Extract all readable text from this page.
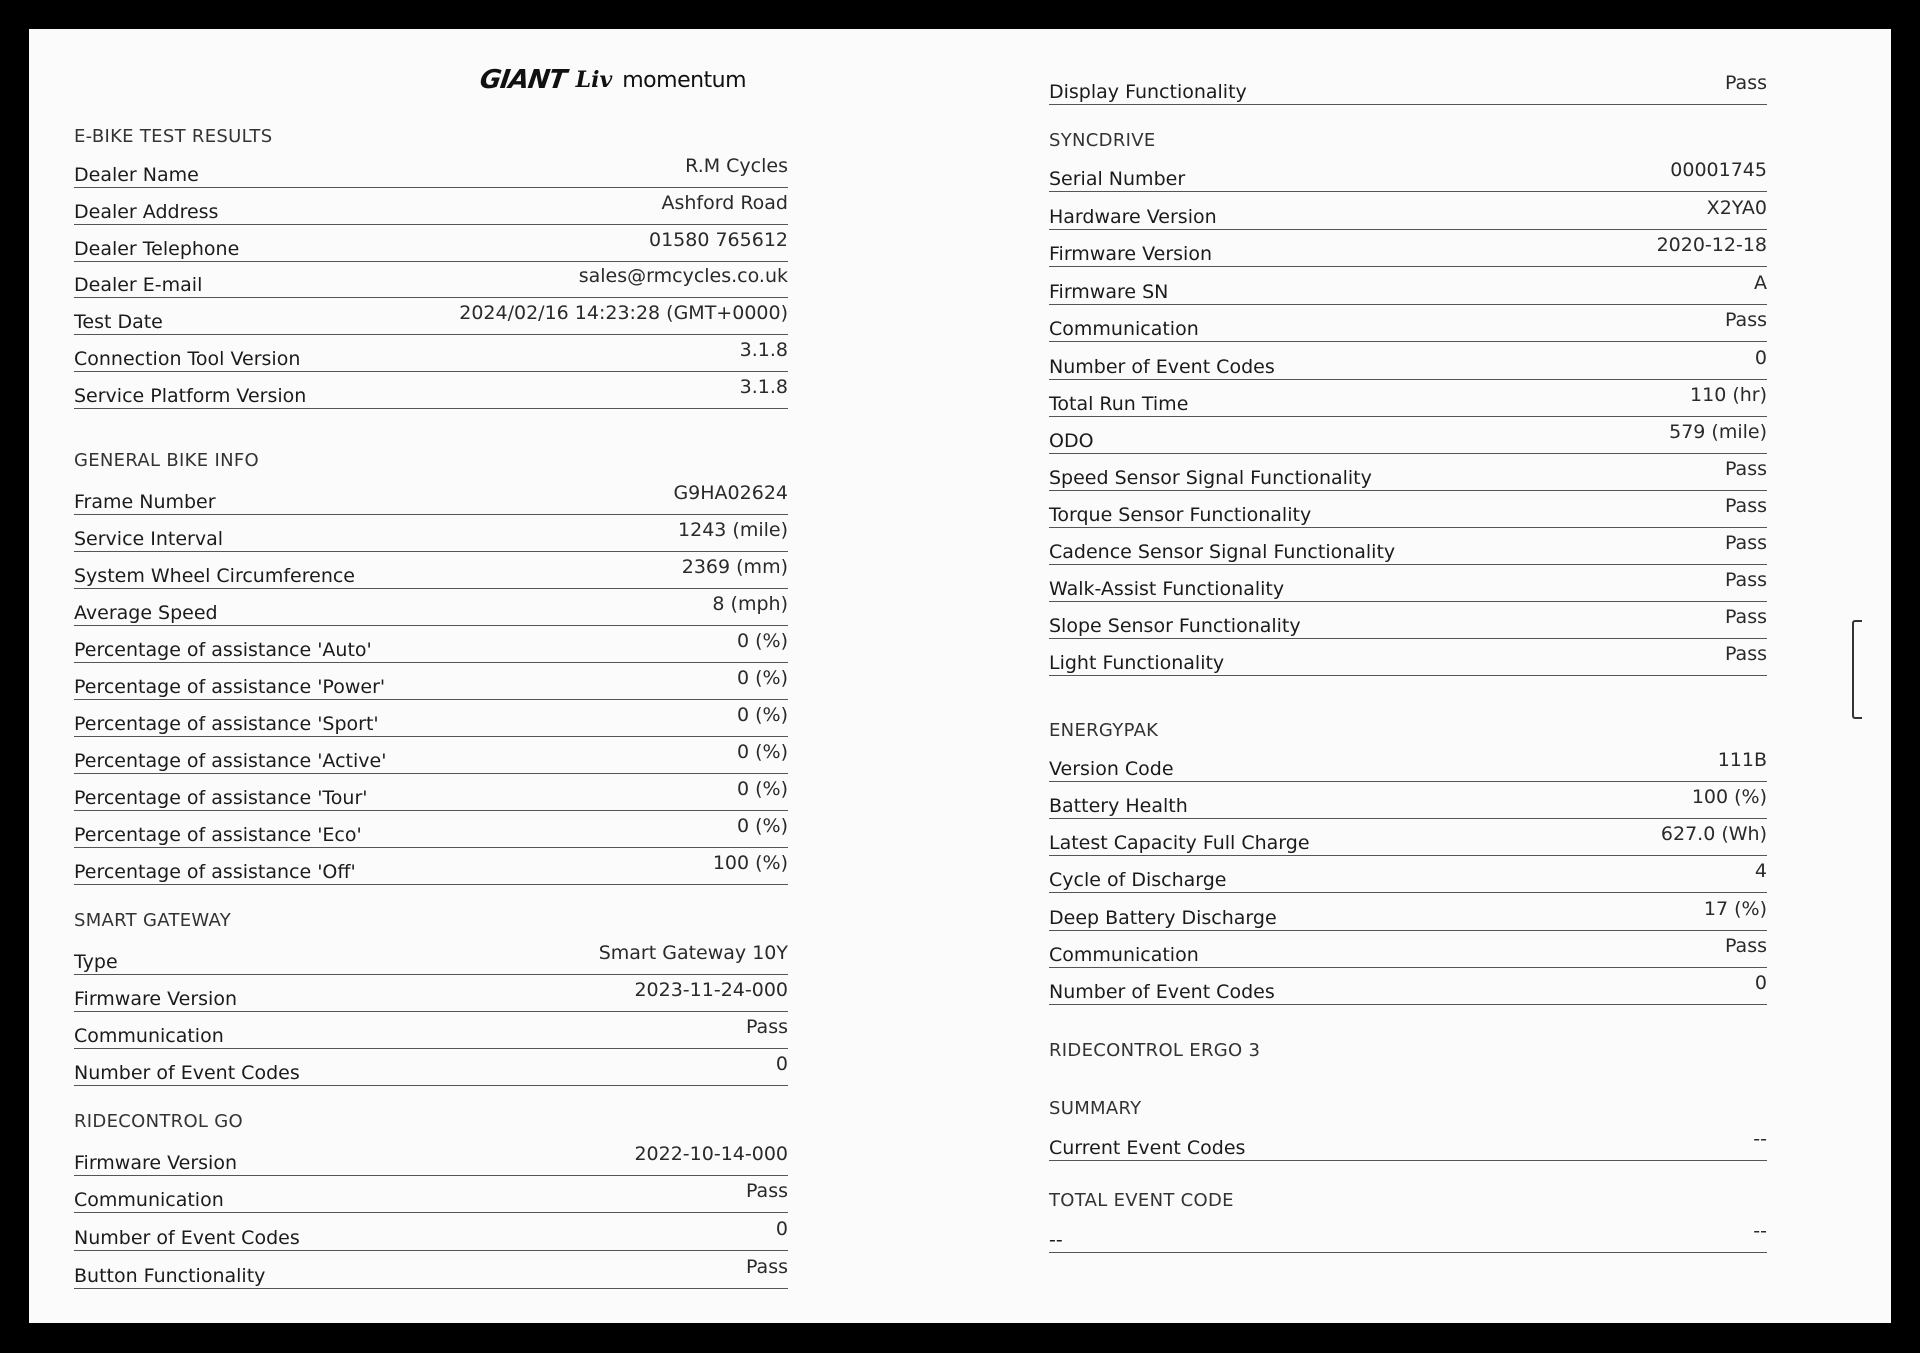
GIANT Liv momentum
E-BIKE TEST RESULTS
Dealer Name	R.M Cycles
Dealer Address	Ashford Road
Dealer Telephone	01580 765612
Dealer E-mail	sales@rmcycles.co.uk
Test Date	2024/02/16 14:23:28 (GMT+0000)
Connection Tool Version	3.1.8
Service Platform Version	3.1.8
GENERAL BIKE INFO
Frame Number	G9HA02624
Service Interval	1243 (mile)
System Wheel Circumference	2369 (mm)
Average Speed	8 (mph)
Percentage of assistance 'Auto'	0 (%)
Percentage of assistance 'Power'	0 (%)
Percentage of assistance 'Sport'	0 (%)
Percentage of assistance 'Active'	0 (%)
Percentage of assistance 'Tour'	0 (%)
Percentage of assistance 'Eco'	0 (%)
Percentage of assistance 'Off'	100 (%)
SMART GATEWAY
Type	Smart Gateway 10Y
Firmware Version	2023-11-24-000
Communication	Pass
Number of Event Codes	0
RIDECONTROL GO
Firmware Version	2022-10-14-000
Communication	Pass
Number of Event Codes	0
Button Functionality	Pass
Display Functionality	Pass
SYNCDRIVE
Serial Number	00001745
Hardware Version	X2YA0
Firmware Version	2020-12-18
Firmware SN	A
Communication	Pass
Number of Event Codes	0
Total Run Time	110 (hr)
ODO	579 (mile)
Speed Sensor Signal Functionality	Pass
Torque Sensor Functionality	Pass
Cadence Sensor Signal Functionality	Pass
Walk-Assist Functionality	Pass
Slope Sensor Functionality	Pass
Light Functionality	Pass
ENERGYPAK
Version Code	111B
Battery Health	100 (%)
Latest Capacity Full Charge	627.0 (Wh)
Cycle of Discharge	4
Deep Battery Discharge	17 (%)
Communication	Pass
Number of Event Codes	0
RIDECONTROL ERGO 3
SUMMARY
Current Event Codes	--
TOTAL EVENT CODE
--	--
